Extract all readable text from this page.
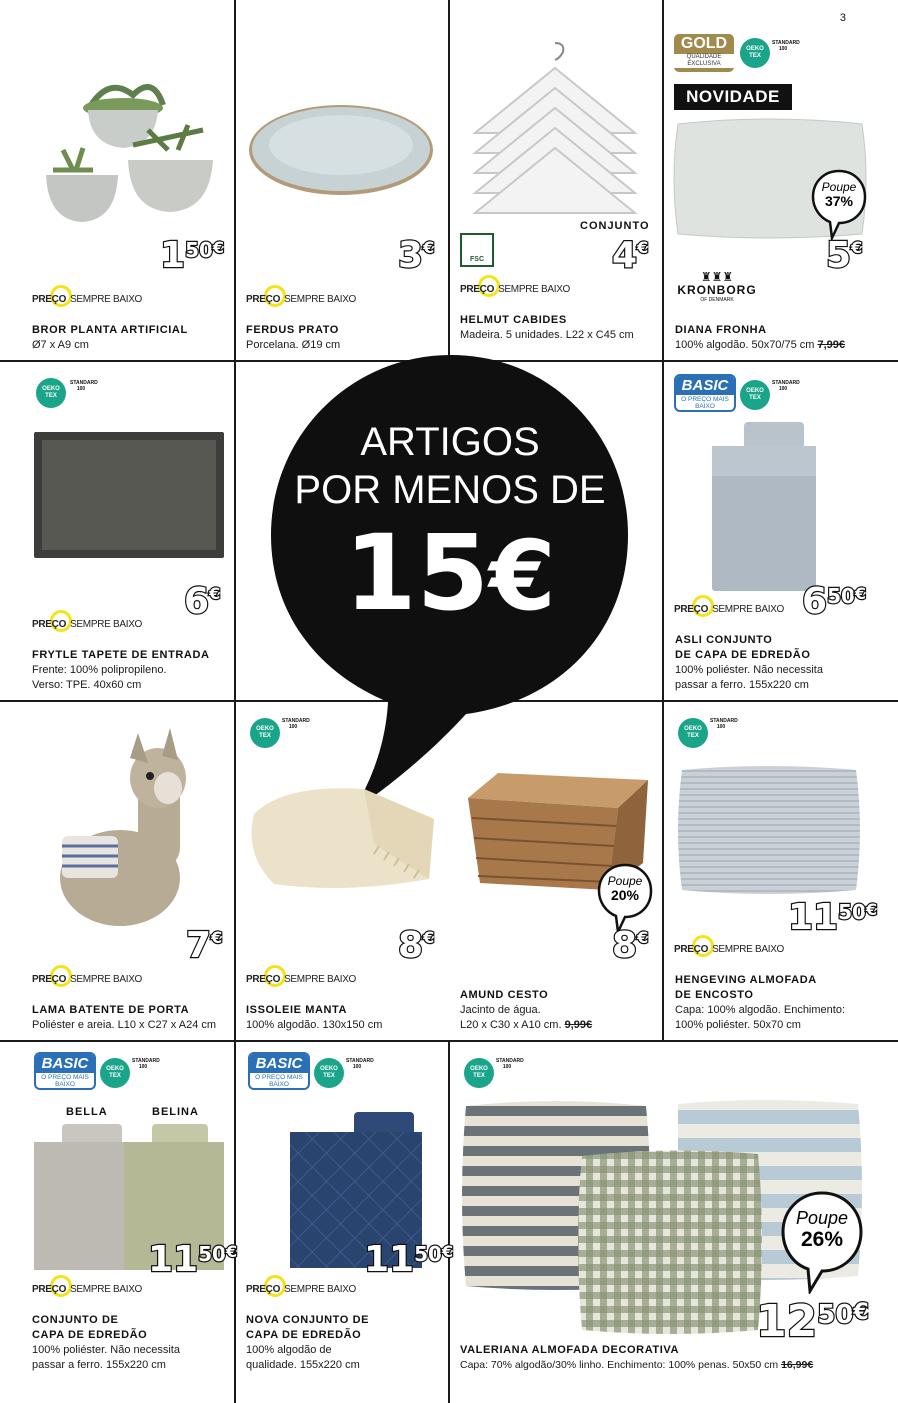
3
ARTIGOS
POR MENOS DE
15€
150€
PREÇO SEMPRE BAIXO
BROR PLANTA ARTIFICIAL
Ø7 x A9 cm
3€
PREÇO SEMPRE BAIXO
FERDUS PRATO
Porcelana. Ø19 cm
CONJUNTO
FSC	4€
PREÇO SEMPRE BAIXO
HELMUT CABIDES
Madeira. 5 unidades. L22 x C45 cm
GOLD
QUALIDADE EXCLUSIVA
OEKO TEX
STANDARD 100
NOVIDADE
Poupe
37%
5€
♜♜♜
KRONBORG
OF DENMARK
DIANA FRONHA
100% algodão. 50x70/75 cm 7,99€
OEKO TEX
STANDARD 100
6€
PREÇO SEMPRE BAIXO
FRYTLE TAPETE DE ENTRADA
Frente: 100% polipropileno.
Verso: TPE. 40x60 cm
BASIC
O PREÇO MAIS BAIXO
OEKO TEX
STANDARD 100
PREÇO SEMPRE BAIXO 650€
ASLI CONJUNTO
DE CAPA DE EDREDÃO
100% poliéster. Não necessita
passar a ferro. 155x220 cm
7€
PREÇO SEMPRE BAIXO
LAMA BATENTE DE PORTA
Poliéster e areia. L10 x C27 x A24 cm
OEKO TEX
STANDARD 100
8€
PREÇO SEMPRE BAIXO
ISSOLEIE MANTA
100% algodão. 130x150 cm
Poupe
20%
8€
AMUND CESTO
Jacinto de água.
L20 x C30 x A10 cm. 9,99€
OEKO TEX
STANDARD 100
1150€
PREÇO SEMPRE BAIXO
HENGEVING ALMOFADA
DE ENCOSTO
Capa: 100% algodão. Enchimento:
100% poliéster. 50x70 cm
BASIC
O PREÇO MAIS BAIXO
OEKO TEX
STANDARD 100
BELLA	BELINA
1150€
PREÇO SEMPRE BAIXO
CONJUNTO DE
CAPA DE EDREDÃO
100% poliéster. Não necessita
passar a ferro. 155x220 cm
BASIC
O PREÇO MAIS BAIXO
OEKO TEX
STANDARD 100
1150€
PREÇO SEMPRE BAIXO
NOVA CONJUNTO DE
CAPA DE EDREDÃO
100% algodão de
qualidade. 155x220 cm
OEKO TEX
STANDARD 100
Poupe
26%
1250€
VALERIANA ALMOFADA DECORATIVA
Capa: 70% algodão/30% linho. Enchimento: 100% penas. 50x50 cm 16,99€
